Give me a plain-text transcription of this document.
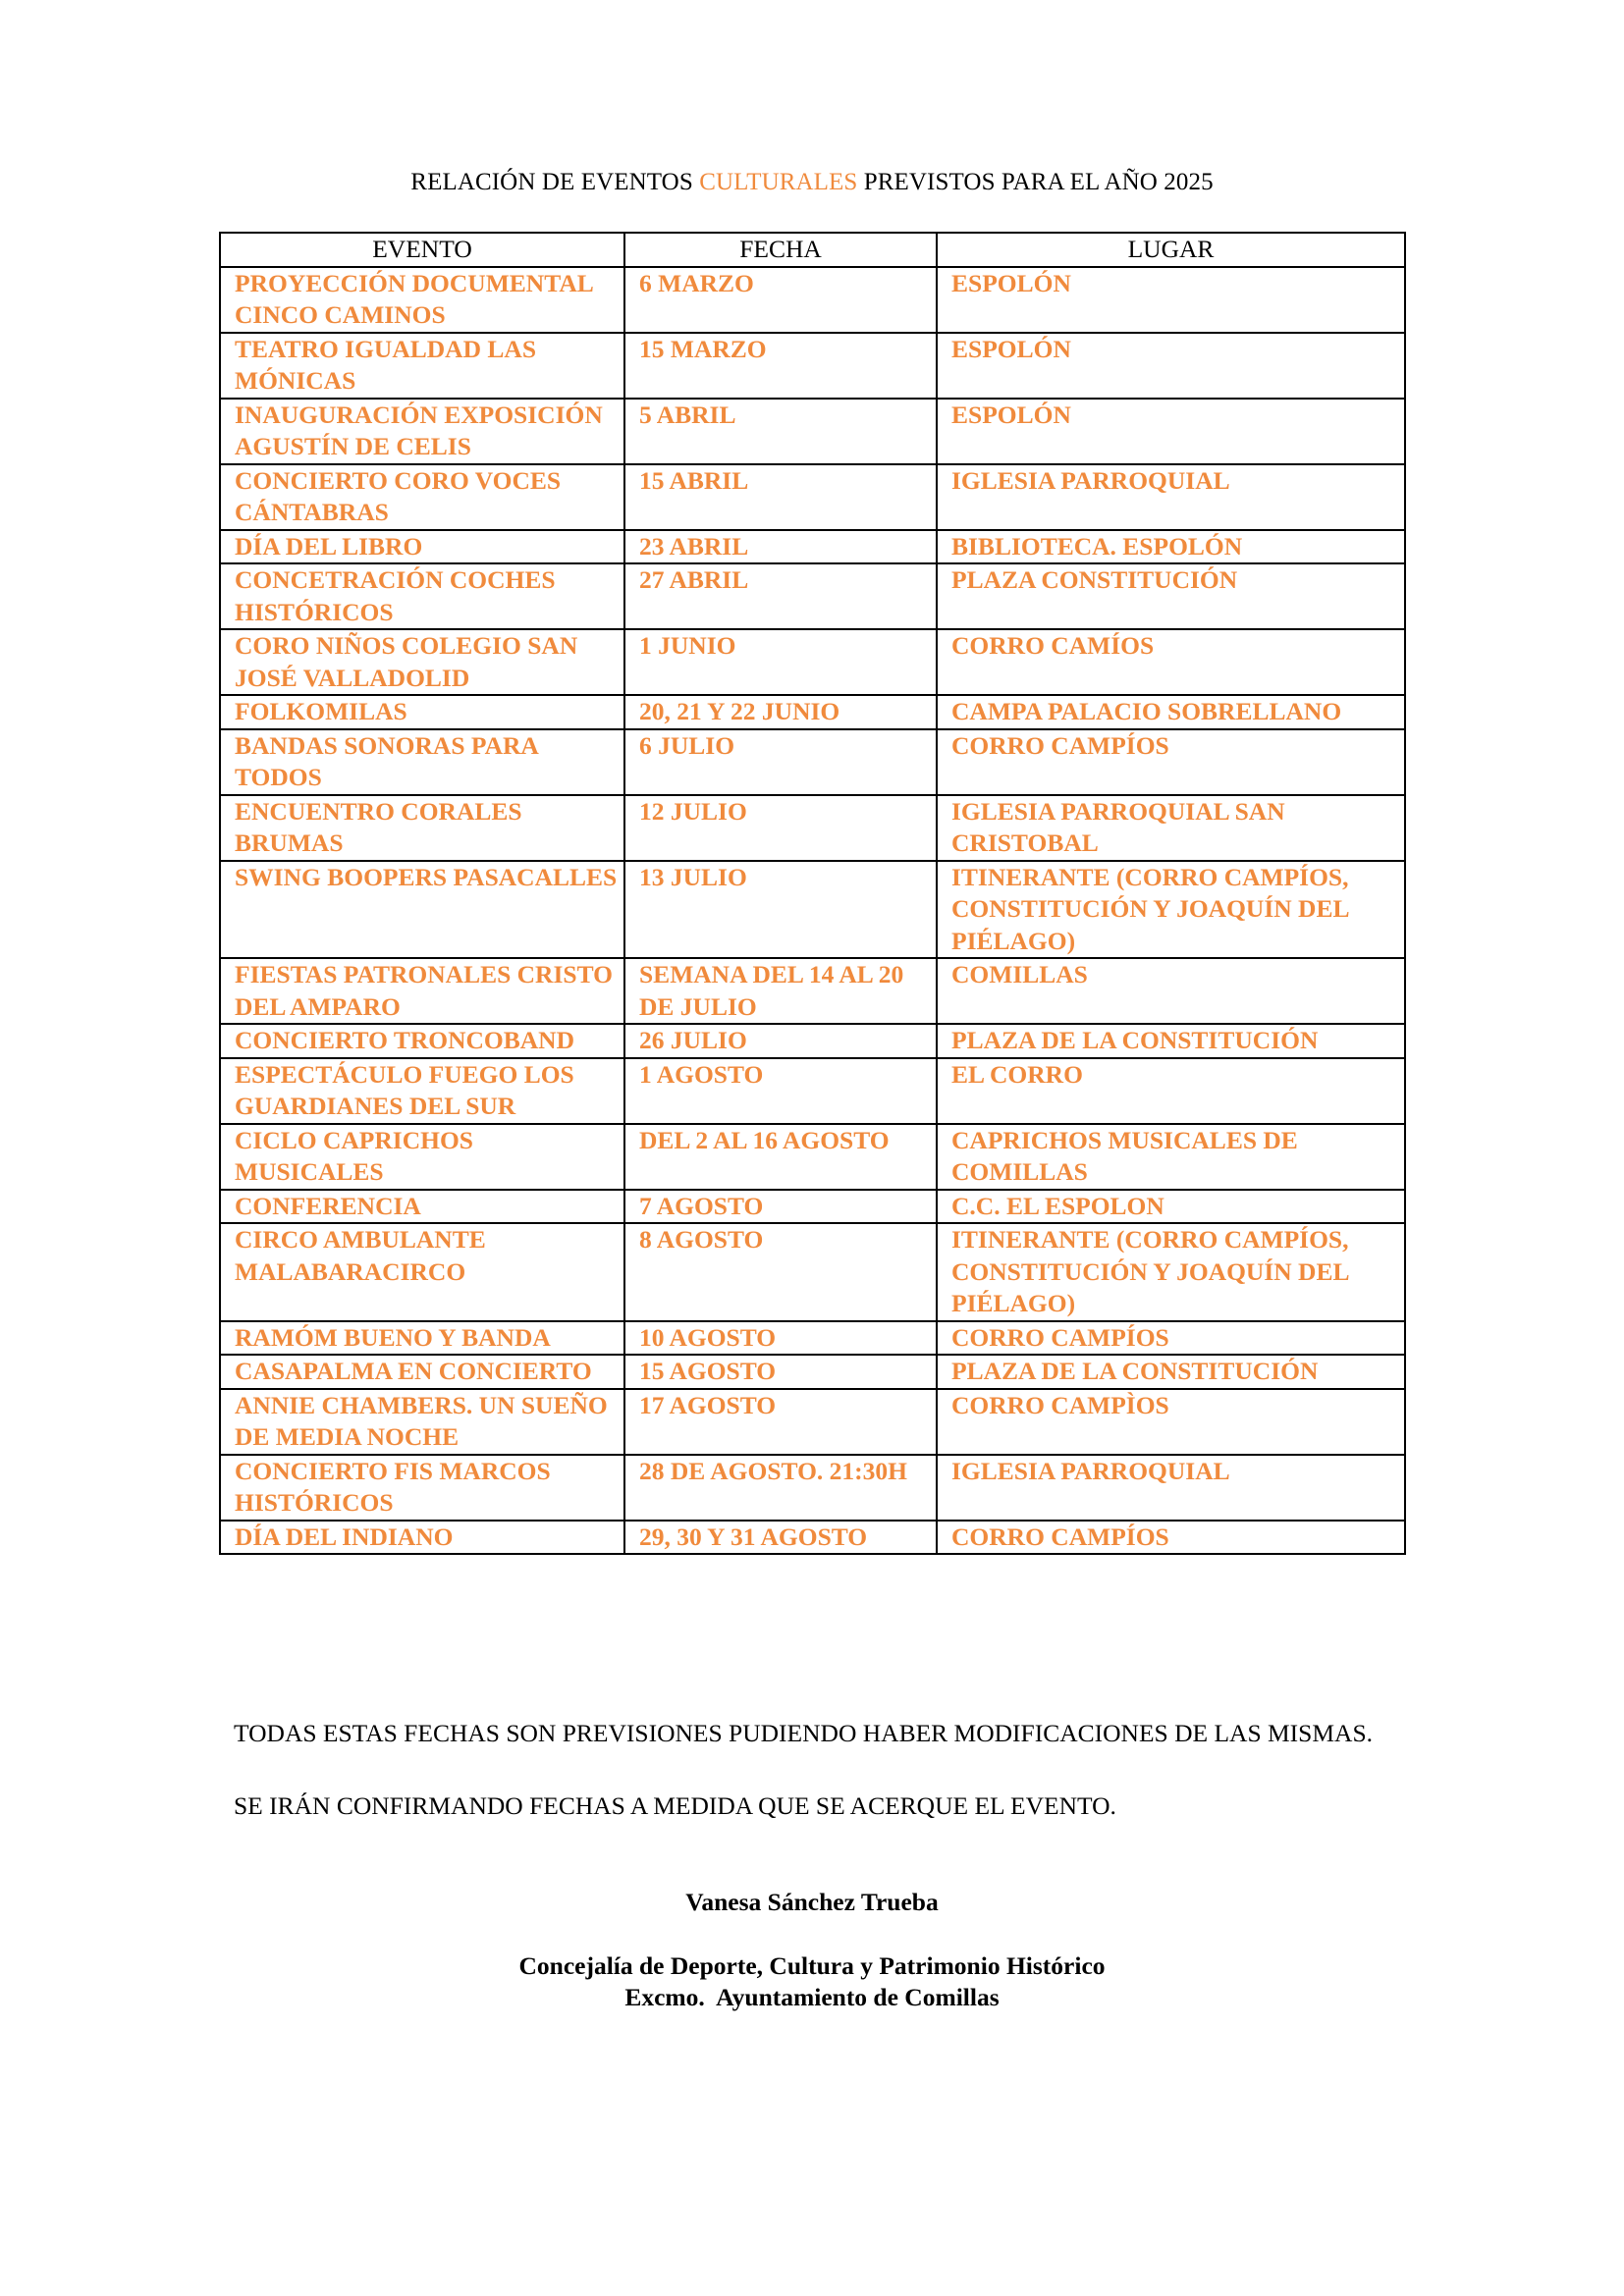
RELACIÓN DE EVENTOS CULTURALES PREVISTOS PARA EL AÑO 2025
EVENTO	FECHA	LUGAR
PROYECCIÓN DOCUMENTAL CINCO CAMINOS	6 MARZO	ESPOLÓN
TEATRO IGUALDAD LAS MÓNICAS	15 MARZO	ESPOLÓN
INAUGURACIÓN EXPOSICIÓN AGUSTÍN DE CELIS	5 ABRIL	ESPOLÓN
CONCIERTO CORO VOCES CÁNTABRAS	15 ABRIL	IGLESIA PARROQUIAL
DÍA DEL LIBRO	23 ABRIL	BIBLIOTECA. ESPOLÓN
CONCETRACIÓN COCHES HISTÓRICOS	27 ABRIL	PLAZA CONSTITUCIÓN
CORO NIÑOS COLEGIO SAN JOSÉ VALLADOLID	1 JUNIO	CORRO CAMÍOS
FOLKOMILAS	20, 21 Y 22 JUNIO	CAMPA PALACIO SOBRELLANO
BANDAS SONORAS PARA TODOS	6 JULIO	CORRO CAMPÍOS
ENCUENTRO CORALES BRUMAS	12 JULIO	IGLESIA PARROQUIAL SAN CRISTOBAL
SWING BOOPERS PASACALLES	13 JULIO	ITINERANTE (CORRO CAMPÍOS, CONSTITUCIÓN Y JOAQUÍN DEL PIÉLAGO)
FIESTAS PATRONALES CRISTO DEL AMPARO	SEMANA DEL 14 AL 20 DE JULIO	COMILLAS
CONCIERTO TRONCOBAND	26 JULIO	PLAZA DE LA CONSTITUCIÓN
ESPECTÁCULO FUEGO LOS GUARDIANES DEL SUR	1 AGOSTO	EL CORRO
CICLO CAPRICHOS MUSICALES	DEL 2 AL 16 AGOSTO	CAPRICHOS MUSICALES DE COMILLAS
CONFERENCIA	7 AGOSTO	C.C. EL ESPOLON
CIRCO AMBULANTE MALABARACIRCO	8 AGOSTO	ITINERANTE (CORRO CAMPÍOS, CONSTITUCIÓN Y JOAQUÍN DEL PIÉLAGO)
RAMÓM BUENO Y BANDA	10 AGOSTO	CORRO CAMPÍOS
CASAPALMA EN CONCIERTO	15 AGOSTO	PLAZA DE LA CONSTITUCIÓN
ANNIE CHAMBERS. UN SUEÑO DE MEDIA NOCHE	17 AGOSTO	CORRO CAMPÌOS
CONCIERTO FIS MARCOS HISTÓRICOS	28 DE AGOSTO. 21:30H	IGLESIA PARROQUIAL
DÍA DEL INDIANO	29, 30 Y 31 AGOSTO	CORRO CAMPÍOS

TODAS ESTAS FECHAS SON PREVISIONES PUDIENDO HABER MODIFICACIONES DE LAS MISMAS.

SE IRÁN CONFIRMANDO FECHAS A MEDIDA QUE SE ACERQUE EL EVENTO.

Vanesa Sánchez Trueba
Concejalía de Deporte, Cultura y Patrimonio Histórico
Excmo.  Ayuntamiento de Comillas
